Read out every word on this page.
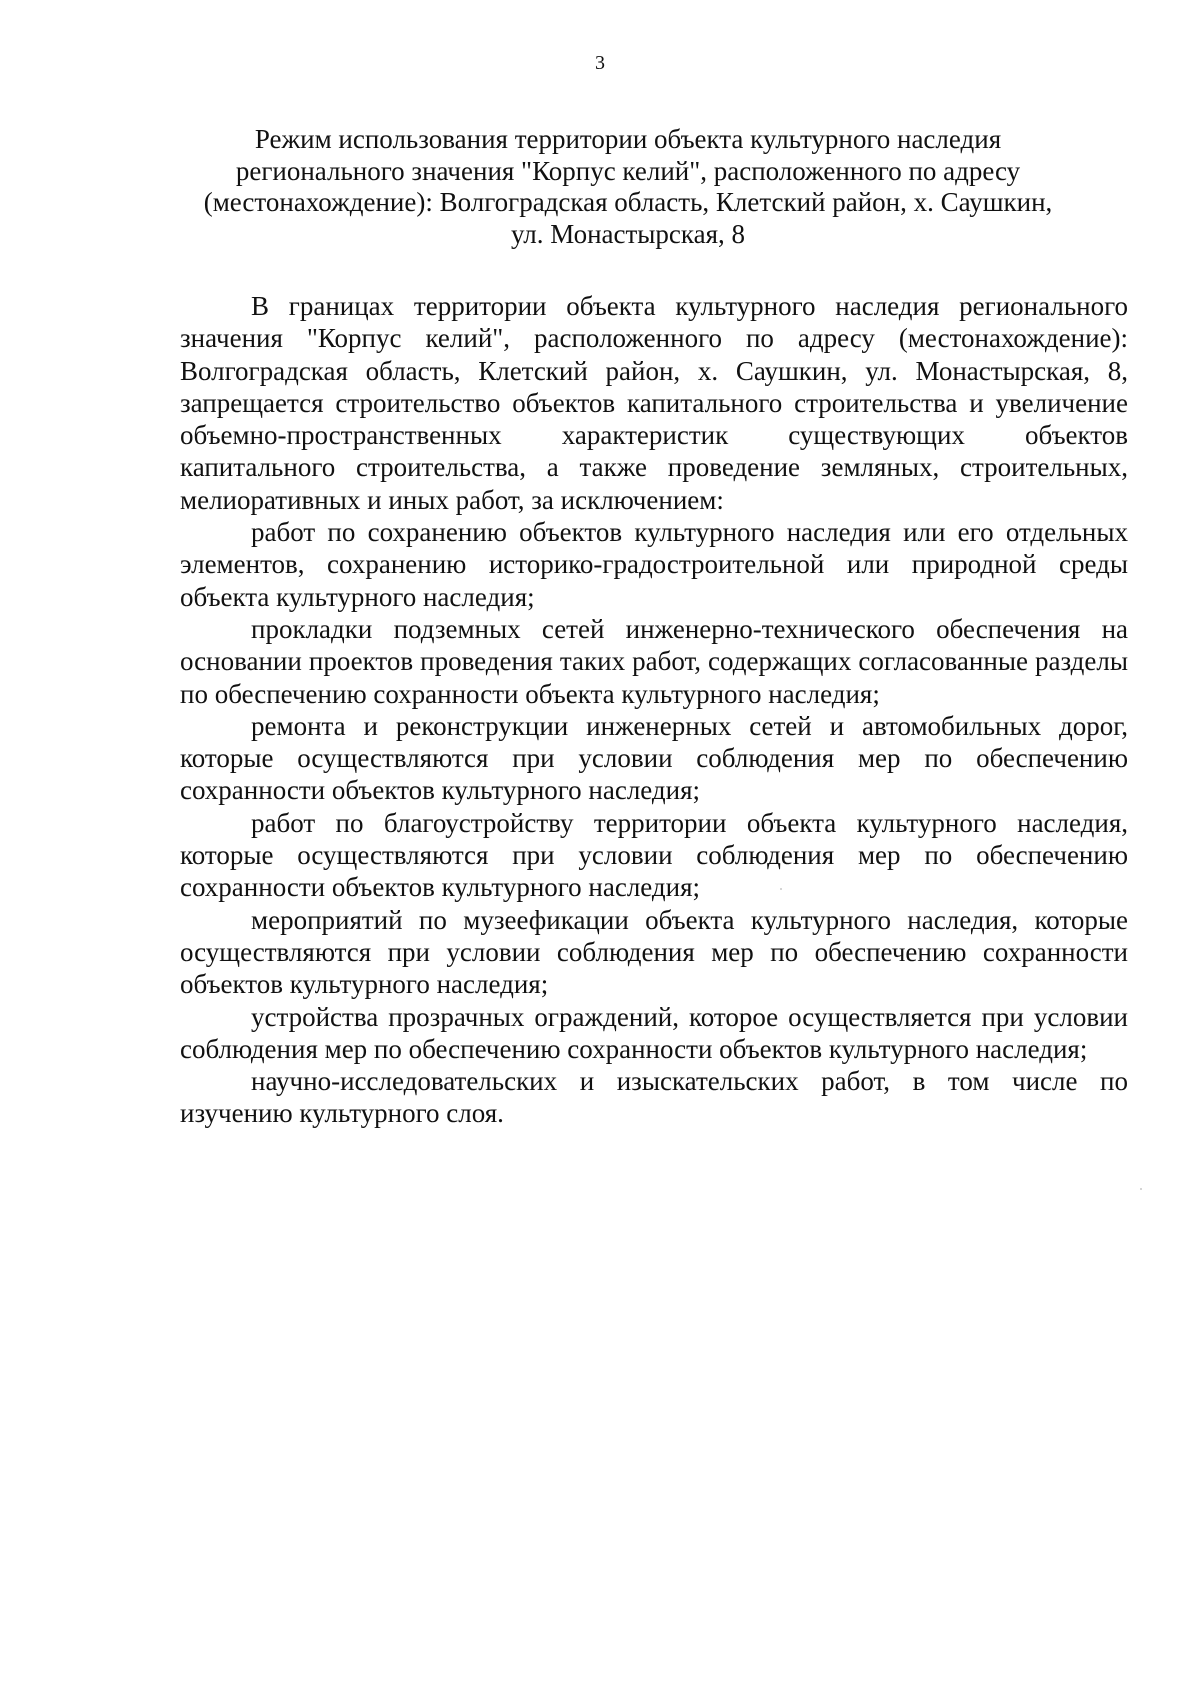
3
Режим использования территории объекта культурного наследия
регионального значения "Корпус келий", расположенного по адресу
(местонахождение): Волгоградская область, Клетский район, х. Саушкин,
ул. Монастырская, 8

В границах территории объекта культурного наследия регионального значения "Корпус келий", расположенного по адресу (местонахождение): Волгоградская область, Клетский район, х. Саушкин, ул. Монастырская, 8, запрещается строительство объектов капитального строительства и увеличение объемно-пространственных характеристик существующих объектов капитального строительства, а также проведение земляных, строительных, мелиоративных и иных работ, за исключением:

работ по сохранению объектов культурного наследия или его отдельных элементов, сохранению историко-градостроительной или природной среды объекта культурного наследия;

прокладки подземных сетей инженерно-технического обеспечения на основании проектов проведения таких работ, содержащих согласованные разделы по обеспечению сохранности объекта культурного наследия;

ремонта и реконструкции инженерных сетей и автомобильных дорог, которые осуществляются при условии соблюдения мер по обеспечению сохранности объектов культурного наследия;

работ по благоустройству территории объекта культурного наследия, которые осуществляются при условии соблюдения мер по обеспечению сохранности объектов культурного наследия;

мероприятий по музеефикации объекта культурного наследия, которые осуществляются при условии соблюдения мер по обеспечению сохранности объектов культурного наследия;

устройства прозрачных ограждений, которое осуществляется при условии соблюдения мер по обеспечению сохранности объектов культурного наследия;

научно-исследовательских и изыскательских работ, в том числе по изучению культурного слоя.
